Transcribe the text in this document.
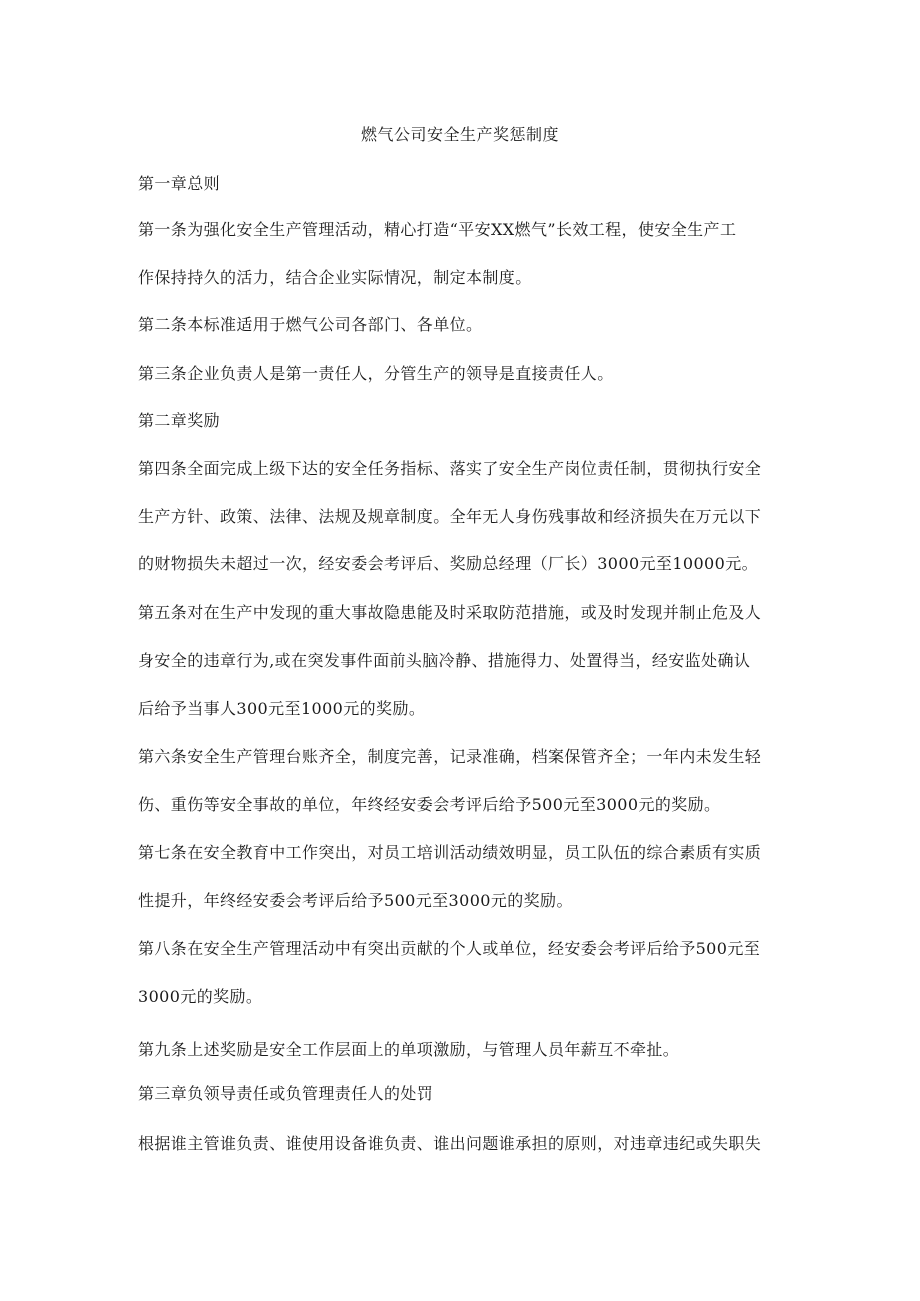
燃气公司安全生产奖惩制度

第一章总则

第一条为强化安全生产管理活动，精心打造“平安XX燃气”长效工程，使安全生产工

作保持持久的活力，结合企业实际情况，制定本制度。

第二条本标准适用于燃气公司各部门、各单位。

第三条企业负责人是第一责任人，分管生产的领导是直接责任人。

第二章奖励

第四条全面完成上级下达的安全任务指标、落实了安全生产岗位责任制，贯彻执行安全

生产方针、政策、法律、法规及规章制度。全年无人身伤残事故和经济损失在万元以下

的财物损失未超过一次，经安委会考评后、奖励总经理（厂长）3000元至10000元。

第五条对在生产中发现的重大事故隐患能及时采取防范措施，或及时发现并制止危及人

身安全的违章行为,或在突发事件面前头脑冷静、措施得力、处置得当，经安监处确认

后给予当事人300元至1000元的奖励。

第六条安全生产管理台账齐全，制度完善，记录准确，档案保管齐全；一年内未发生轻

伤、重伤等安全事故的单位，年终经安委会考评后给予500元至3000元的奖励。

第七条在安全教育中工作突出，对员工培训活动绩效明显，员工队伍的综合素质有实质

性提升，年终经安委会考评后给予500元至3000元的奖励。

第八条在安全生产管理活动中有突出贡献的个人或单位，经安委会考评后给予500元至

3000元的奖励。

第九条上述奖励是安全工作层面上的单项激励，与管理人员年薪互不牵扯。

第三章负领导责任或负管理责任人的处罚

根据谁主管谁负责、谁使用设备谁负责、谁出问题谁承担的原则，对违章违纪或失职失
